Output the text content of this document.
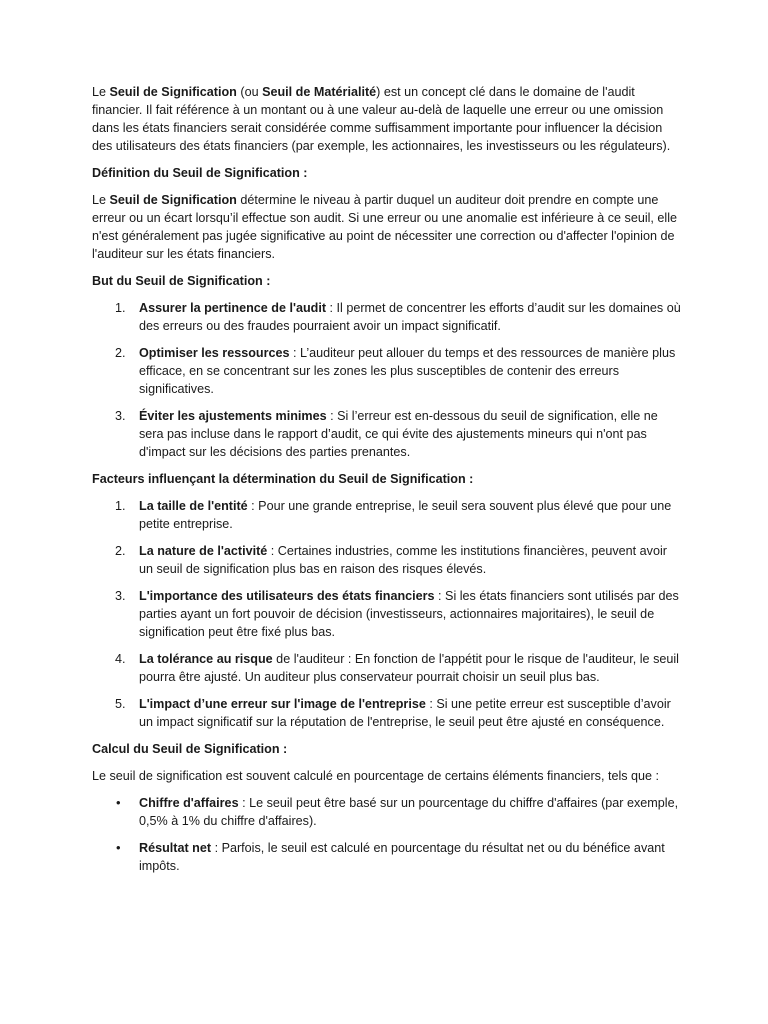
Le Seuil de Signification (ou Seuil de Matérialité) est un concept clé dans le domaine de l'audit financier. Il fait référence à un montant ou à une valeur au-delà de laquelle une erreur ou une omission dans les états financiers serait considérée comme suffisamment importante pour influencer la décision des utilisateurs des états financiers (par exemple, les actionnaires, les investisseurs ou les régulateurs).

Définition du Seuil de Signification :

Le Seuil de Signification détermine le niveau à partir duquel un auditeur doit prendre en compte une erreur ou un écart lorsqu’il effectue son audit. Si une erreur ou une anomalie est inférieure à ce seuil, elle n'est généralement pas jugée significative au point de nécessiter une correction ou d'affecter l'opinion de l'auditeur sur les états financiers.

But du Seuil de Signification :
1. Assurer la pertinence de l'audit : Il permet de concentrer les efforts d’audit sur les domaines où des erreurs ou des fraudes pourraient avoir un impact significatif.
2. Optimiser les ressources : L’auditeur peut allouer du temps et des ressources de manière plus efficace, en se concentrant sur les zones les plus susceptibles de contenir des erreurs significatives.
3. Éviter les ajustements minimes : Si l’erreur est en-dessous du seuil de signification, elle ne sera pas incluse dans le rapport d’audit, ce qui évite des ajustements mineurs qui n'ont pas d'impact sur les décisions des parties prenantes.
Facteurs influençant la détermination du Seuil de Signification :
1. La taille de l'entité : Pour une grande entreprise, le seuil sera souvent plus élevé que pour une petite entreprise.
2. La nature de l'activité : Certaines industries, comme les institutions financières, peuvent avoir un seuil de signification plus bas en raison des risques élevés.
3. L'importance des utilisateurs des états financiers : Si les états financiers sont utilisés par des parties ayant un fort pouvoir de décision (investisseurs, actionnaires majoritaires), le seuil de signification peut être fixé plus bas.
4. La tolérance au risque de l'auditeur : En fonction de l'appétit pour le risque de l'auditeur, le seuil pourra être ajusté. Un auditeur plus conservateur pourrait choisir un seuil plus bas.
5. L'impact d’une erreur sur l'image de l'entreprise : Si une petite erreur est susceptible d’avoir un impact significatif sur la réputation de l'entreprise, le seuil peut être ajusté en conséquence.
Calcul du Seuil de Signification :

Le seuil de signification est souvent calculé en pourcentage de certains éléments financiers, tels que :

• Chiffre d'affaires : Le seuil peut être basé sur un pourcentage du chiffre d'affaires (par exemple, 0,5% à 1% du chiffre d'affaires).
• Résultat net : Parfois, le seuil est calculé en pourcentage du résultat net ou du bénéfice avant impôts.
